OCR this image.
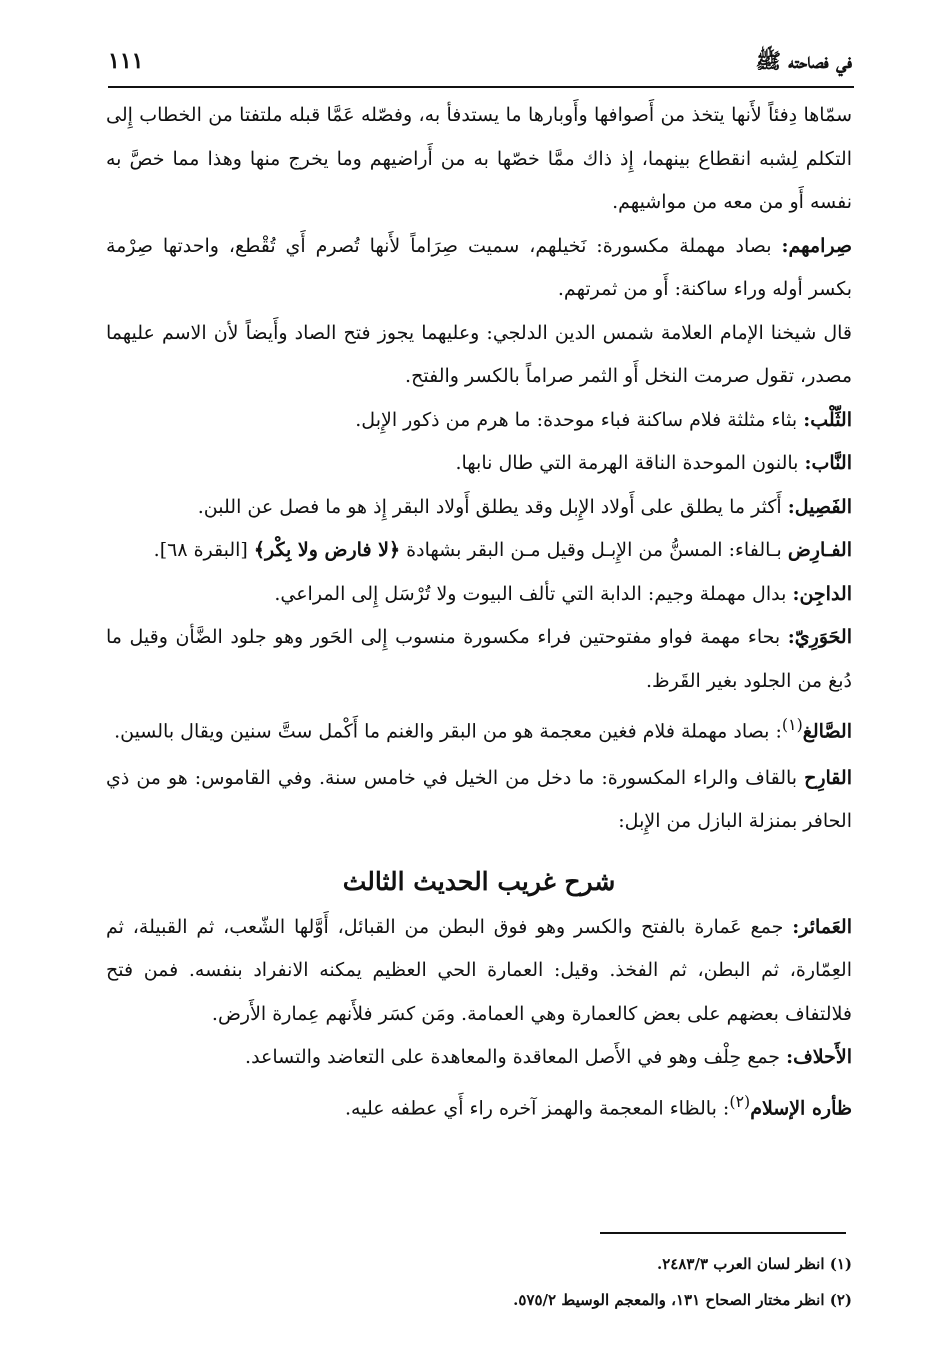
في فصاحته ﷺ
١١١

سمّاها دِفئاً لأَنها يتخذ من أَصوافها وأَوبارها ما يستدفأ به، وفصّله عَمَّا قبله ملتفتا من الخطاب إِلى التكلم لِشبه انقطاع بينهما، إِذ ذاك ممَّا خصّها به من أَراضيهم وما يخرج منها وهذا مما خصَّ به نفسه أَو من معه من مواشيهم.

صِرامهم: بصاد مهملة مكسورة: نَخيلهم، سميت صِرَاماً لأَنها تُصرم أَي تُقْطع، واحدتها صِرْمة بكسر أوله وراء ساكنة: أَو من ثمرتهم.

قال شيخنا الإمام العلامة شمس الدين الدلجي: وعليهما يجوز فتح الصاد وأَيضاً لأن الاسم عليهما مصدر، تقول صرمت النخل أَو الثمر صراماً بالكسر والفتح.

الثِّلْب: بثاء مثلثة فلام ساكنة فباء موحدة: ما هرم من ذكور الإِبل.

النَّاب: بالنون الموحدة الناقة الهرمة التي طال نابها.

الفَصِيل: أَكثر ما يطلق على أَولاد الإِبل وقد يطلق أَولاد البقر إِذ هو ما فصل عن اللبن.

الفـارِض بـالفاء: المسنُّ من الإِبـل وقيل مـن البقر بشهادة ﴿لا فارض ولا بِكْر﴾ [البقرة ٦٨].

الداجِن: بدال مهملة وجيم: الدابة التي تألف البيوت ولا تُرْسَل إِلى المراعي.

الحَوَرِيّ: بحاء مهمة فواو مفتوحتين فراء مكسورة منسوب إِلى الحَور وهو جلود الضَّأن وقيل ما دُبغ من الجلود بغير القَرظ.

الصَّالغ$^{(١)}$: بصاد مهملة فلام فغين معجمة هو من البقر والغنم ما أَكْمل ستَّ سنين ويقال بالسين.

القارِح بالقاف والراء المكسورة: ما دخل من الخيل في خامس سنة. وفي القاموس: هو من ذي الحافر بمنزلة البازل من الإِبل:

شرح غريب الحديث الثالث

العَمائر: جمع عَمارة بالفتح والكسر وهو فوق البطن من القبائل، أَوَّلها الشّعب، ثم القبيلة، ثم العِمّارة، ثم البطن، ثم الفخذ. وقيل: العمارة الحي العظيم يمكنه الانفراد بنفسه. فمن فتح فلالتفاف بعضهم على بعض كالعمارة وهي العمامة. ومَن كسَر فلأَنهم عِمارة الأَرض.

الأَحلاف: جمع حِلْف وهو في الأَصل المعاقدة والمعاهدة على التعاضد والتساعد.

ظأره الإسلام$^{(٢)}$: بالظاء المعجمة والهمز آخره راء أَي عطفه عليه.

(١) انظر لسان العرب ٢٤٨٣/٣.
(٢) انظر مختار الصحاح ١٣١، والمعجم الوسيط ٥٧٥/٢.
